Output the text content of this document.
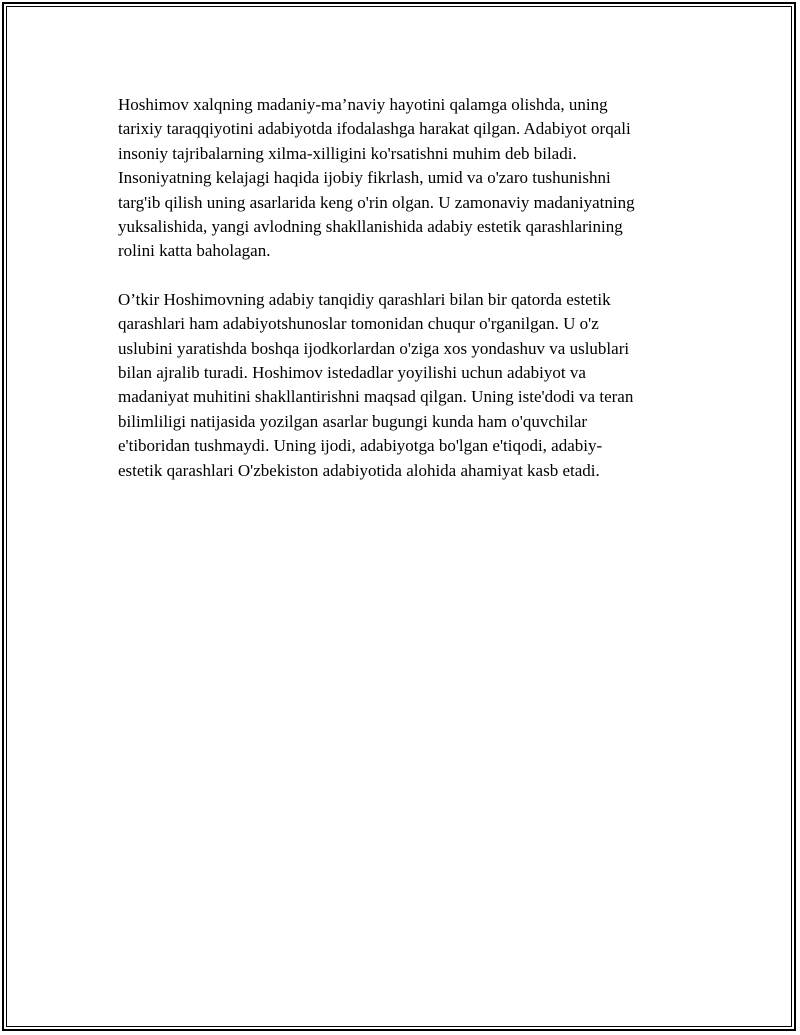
Hoshimov xalqning madaniy-ma’naviy hayotini qalamga olishda, uning
tarixiy taraqqiyotini adabiyotda ifodalashga harakat qilgan. Adabiyot orqali
insoniy tajribalarning xilma-xilligini ko'rsatishni muhim deb biladi.
Insoniyatning kelajagi haqida ijobiy fikrlash, umid va o'zaro tushunishni
targ'ib qilish uning asarlarida keng o'rin olgan. U zamonaviy madaniyatning
yuksalishida, yangi avlodning shakllanishida adabiy estetik qarashlarining
rolini katta baholagan.

O’tkir Hoshimovning adabiy tanqidiy qarashlari bilan bir qatorda estetik
qarashlari ham adabiyotshunoslar tomonidan chuqur o'rganilgan. U o'z
uslubini yaratishda boshqa ijodkorlardan o'ziga xos yondashuv va uslublari
bilan ajralib turadi. Hoshimov istedadlar yoyilishi uchun adabiyot va
madaniyat muhitini shakllantirishni maqsad qilgan. Uning iste'dodi va teran
bilimliligi natijasida yozilgan asarlar bugungi kunda ham o'quvchilar
e'tiboridan tushmaydi. Uning ijodi, adabiyotga bo'lgan e'tiqodi, adabiy-
estetik qarashlari O'zbekiston adabiyotida alohida ahamiyat kasb etadi.
